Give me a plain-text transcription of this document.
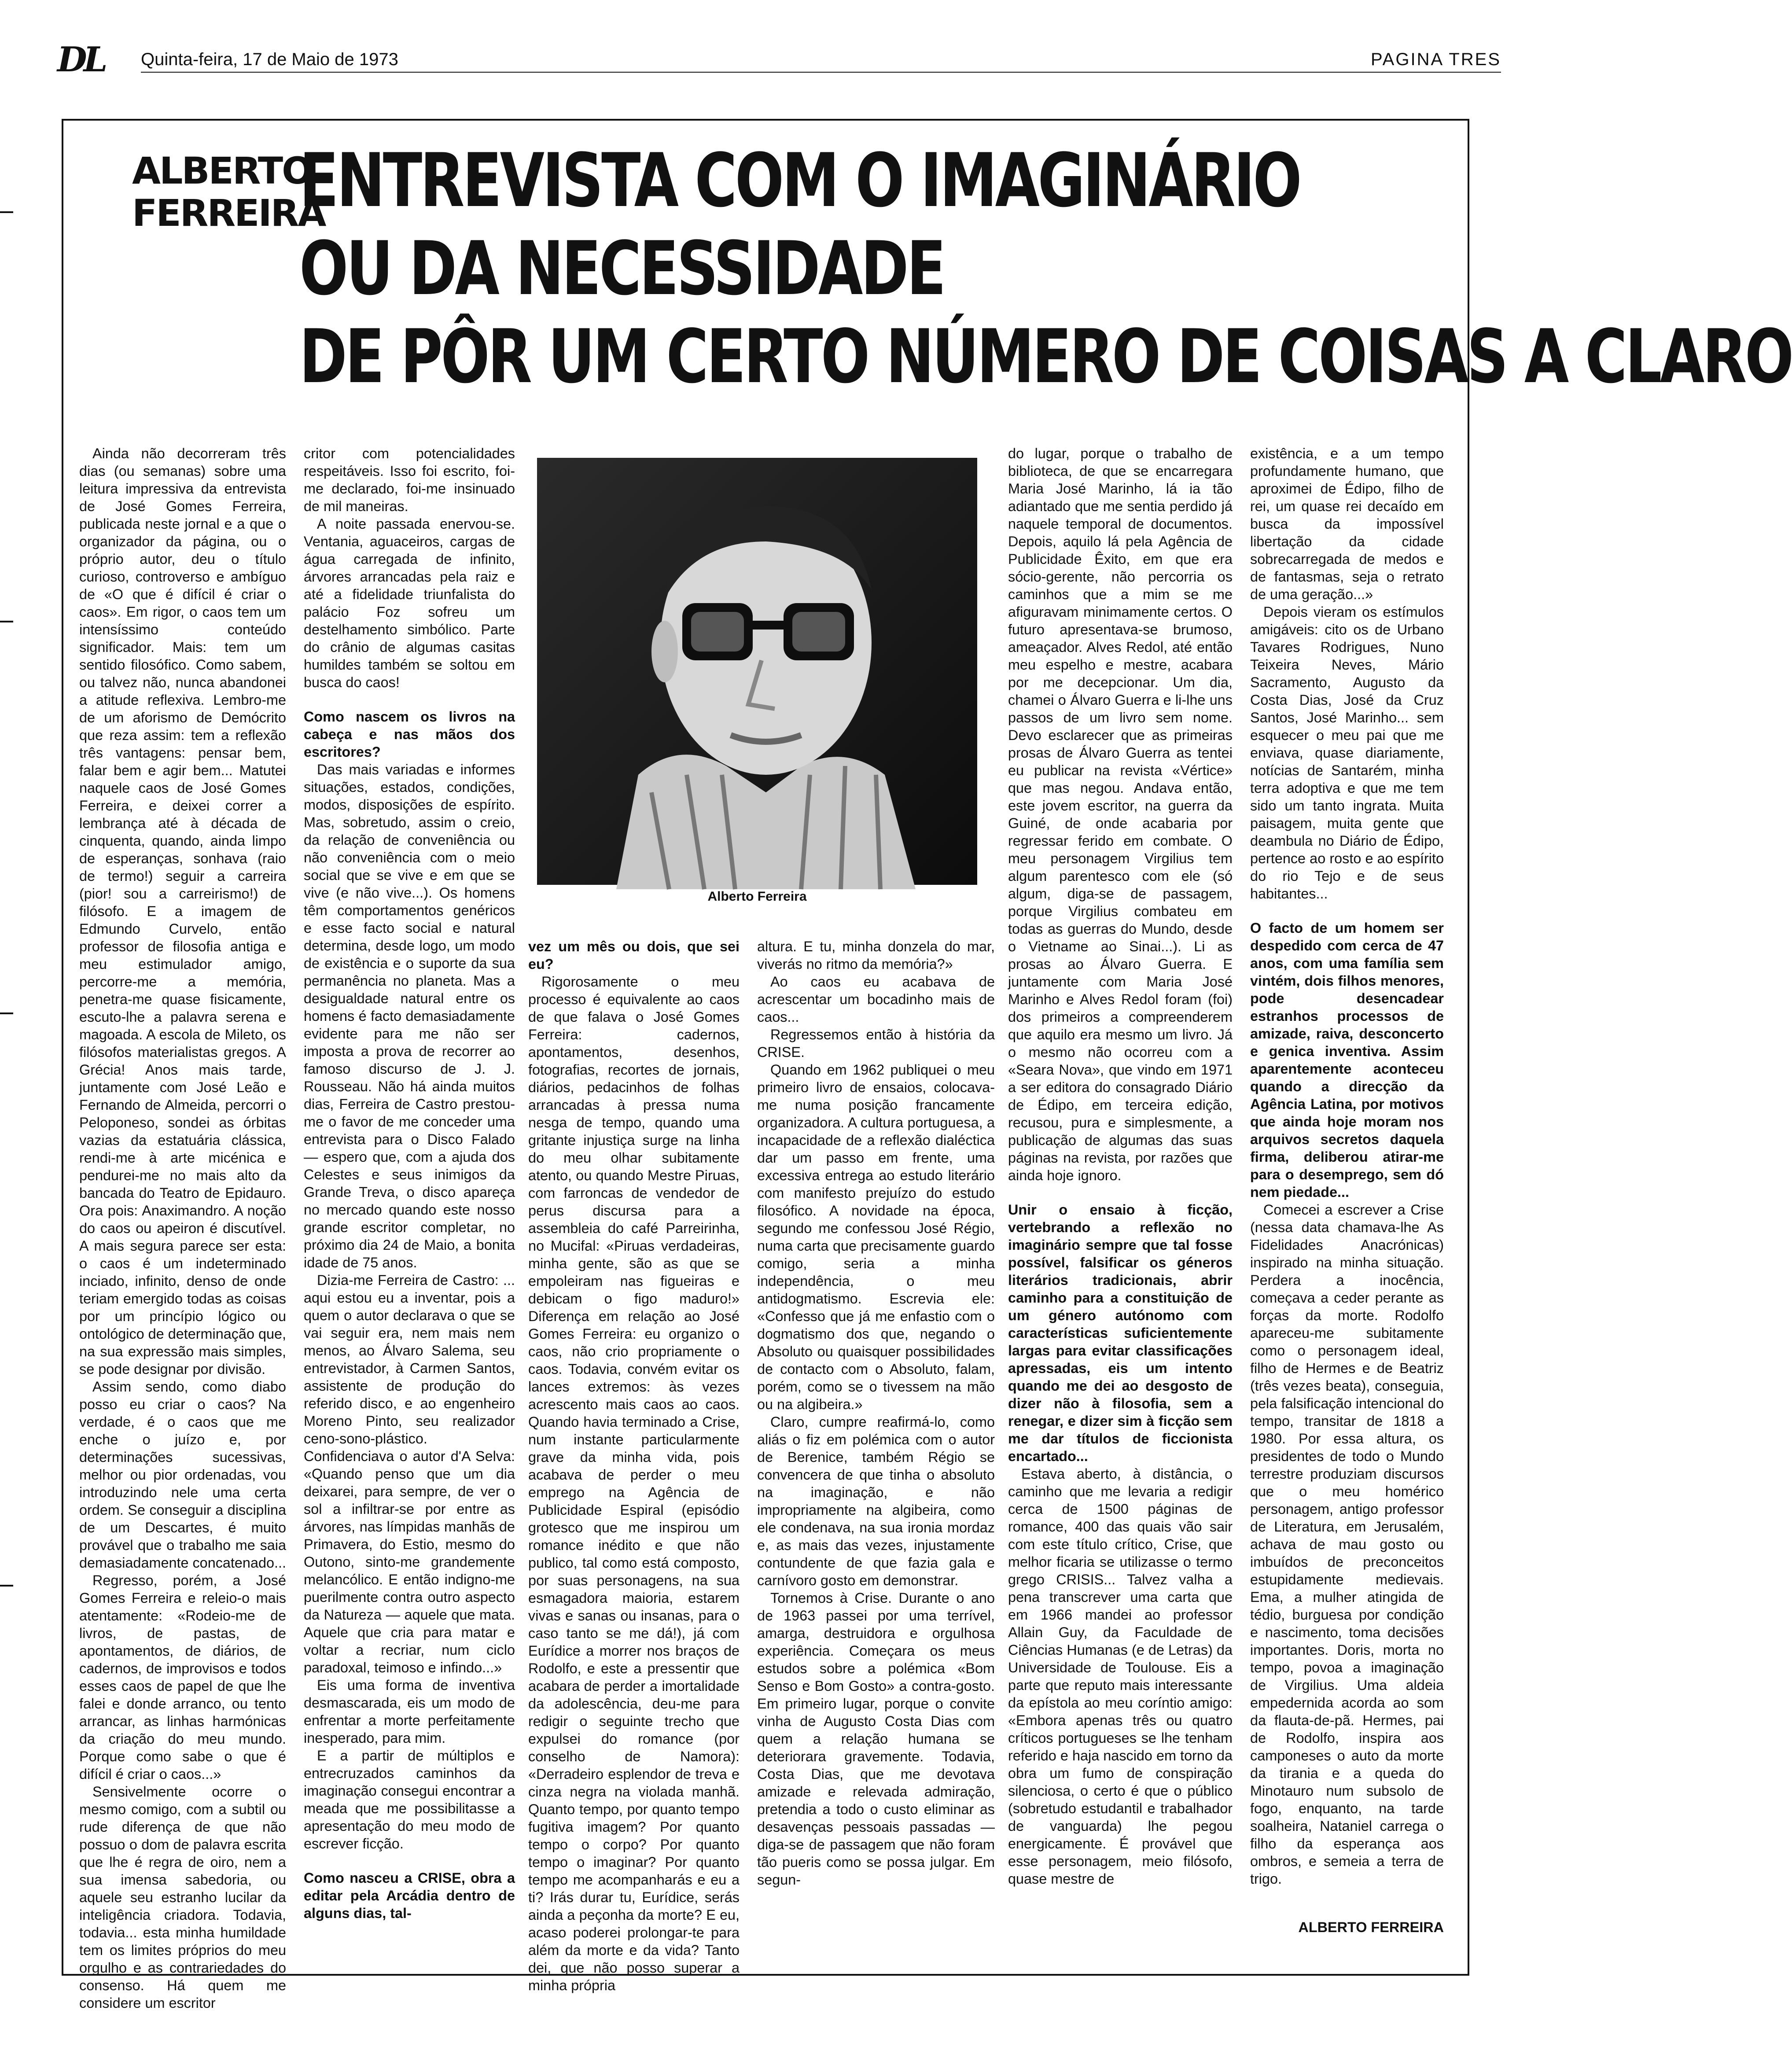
DL Quinta-feira, 17 de Maio de 1973	PAGINA TRES
ALBERTO
FERREIRA
ENTREVISTA COM O IMAGINÁRIO
OU DA NECESSIDADE
DE PÔR UM CERTO NÚMERO DE COISAS A CLARO
Alberto Ferreira

Ainda não decorreram três dias (ou semanas) sobre uma leitura impressiva da entrevista de José Gomes Ferreira, publicada neste jornal e a que o organizador da página, ou o próprio autor, deu o título curioso, controverso e ambíguo de «O que é difícil é criar o caos». Em rigor, o caos tem um intensíssimo conteúdo significador. Mais: tem um sentido filosófico. Como sabem, ou talvez não, nunca abandonei a atitude reflexiva. Lembro-me de um aforismo de Demócrito que reza assim: tem a reflexão três vantagens: pensar bem, falar bem e agir bem... Matutei naquele caos de José Gomes Ferreira, e deixei correr a lembrança até à década de cinquenta, quando, ainda limpo de esperanças, sonhava (raio de termo!) seguir a carreira (pior! sou a carreirismo!) de filósofo. E a imagem de Edmundo Curvelo, então professor de filosofia antiga e meu estimulador amigo, percorre-me a memória, penetra-me quase fisicamente, escuto-lhe a palavra serena e magoada. A escola de Mileto, os filósofos materialistas gregos. A Grécia! Anos mais tarde, juntamente com José Leão e Fernando de Almeida, percorri o Peloponeso, sondei as órbitas vazias da estatuária clássica, rendi-me à arte micénica e pendurei-me no mais alto da bancada do Teatro de Epidauro. Ora pois: Anaximandro. A noção do caos ou apeiron é discutível. A mais segura parece ser esta: o caos é um indeterminado inciado, infinito, denso de onde teriam emergido todas as coisas por um princípio lógico ou ontológico de determinação que, na sua expressão mais simples, se pode designar por divisão.

Assim sendo, como diabo posso eu criar o caos? Na verdade, é o caos que me enche o juízo e, por determinações sucessivas, melhor ou pior ordenadas, vou introduzindo nele uma certa ordem. Se conseguir a disciplina de um Descartes, é muito provável que o trabalho me saia demasiadamente concatenado...

Regresso, porém, a José Gomes Ferreira e releio-o mais atentamente: «Rodeio-me de livros, de pastas, de apontamentos, de diários, de cadernos, de improvisos e todos esses caos de papel de que lhe falei e donde arranco, ou tento arrancar, as linhas harmónicas da criação do meu mundo. Porque como sabe o que é difícil é criar o caos...»

Sensivelmente ocorre o mesmo comigo, com a subtil ou rude diferença de que não possuo o dom de palavra escrita que lhe é regra de oiro, nem a sua imensa sabedoria, ou aquele seu estranho lucilar da inteligência criadora. Todavia, todavia... esta minha humildade tem os limites próprios do meu orgulho e as contrariedades do consenso. Há quem me considere um escritor

critor com potencialidades respeitáveis. Isso foi escrito, foi-me declarado, foi-me insinuado de mil maneiras.

A noite passada enervou-se. Ventania, aguaceiros, cargas de água carregada de infinito, árvores arrancadas pela raiz e até a fidelidade triunfalista do palácio Foz sofreu um destelhamento simbólico. Parte do crânio de algumas casitas humildes também se soltou em busca do caos!

Como nascem os livros na cabeça e nas mãos dos escritores?

Das mais variadas e informes situações, estados, condições, modos, disposições de espírito. Mas, sobretudo, assim o creio, da relação de conveniência ou não conveniência com o meio social que se vive e em que se vive (e não vive...). Os homens têm comportamentos genéricos e esse facto social e natural determina, desde logo, um modo de existência e o suporte da sua permanência no planeta. Mas a desigualdade natural entre os homens é facto demasiadamente evidente para me não ser imposta a prova de recorrer ao famoso discurso de J. J. Rousseau. Não há ainda muitos dias, Ferreira de Castro prestou-me o favor de me conceder uma entrevista para o Disco Falado — espero que, com a ajuda dos Celestes e seus inimigos da Grande Treva, o disco apareça no mercado quando este nosso grande escritor completar, no próximo dia 24 de Maio, a bonita idade de 75 anos.

Dizia-me Ferreira de Castro: ... aqui estou eu a inventar, pois a quem o autor declarava o que se vai seguir era, nem mais nem menos, ao Álvaro Salema, seu entrevistador, à Carmen Santos, assistente de produção do referido disco, e ao engenheiro Moreno Pinto, seu realizador ceno-sono-plástico. Confidenciava o autor d'A Selva: «Quando penso que um dia deixarei, para sempre, de ver o sol a infiltrar-se por entre as árvores, nas límpidas manhãs de Primavera, do Estio, mesmo do Outono, sinto-me grandemente melancólico. E então indigno-me puerilmente contra outro aspecto da Natureza — aquele que mata. Aquele que cria para matar e voltar a recriar, num ciclo paradoxal, teimoso e infindo...»

Eis uma forma de inventiva desmascarada, eis um modo de enfrentar a morte perfeitamente inesperado, para mim.

E a partir de múltiplos e entrecruzados caminhos da imaginação consegui encontrar a meada que me possibilitasse a apresentação do meu modo de escrever ficção.

Como nasceu a CRISE, obra a editar pela Arcádia dentro de alguns dias, tal-

vez um mês ou dois, que sei eu?

Rigorosamente o meu processo é equivalente ao caos de que falava o José Gomes Ferreira: cadernos, apontamentos, desenhos, fotografias, recortes de jornais, diários, pedacinhos de folhas arrancadas à pressa numa nesga de tempo, quando uma gritante injustiça surge na linha do meu olhar subitamente atento, ou quando Mestre Piruas, com farroncas de vendedor de perus discursa para a assembleia do café Parreirinha, no Mucifal: «Piruas verdadeiras, minha gente, são as que se empoleiram nas figueiras e debicam o figo maduro!» Diferença em relação ao José Gomes Ferreira: eu organizo o caos, não crio propriamente o caos. Todavia, convém evitar os lances extremos: às vezes acrescento mais caos ao caos. Quando havia terminado a Crise, num instante particularmente grave da minha vida, pois acabava de perder o meu emprego na Agência de Publicidade Espiral (episódio grotesco que me inspirou um romance inédito e que não publico, tal como está composto, por suas personagens, na sua esmagadora maioria, estarem vivas e sanas ou insanas, para o caso tanto se me dá!), já com Eurídice a morrer nos braços de Rodolfo, e este a pressentir que acabara de perder a imortalidade da adolescência, deu-me para redigir o seguinte trecho que expulsei do romance (por conselho de Namora): «Derradeiro esplendor de treva e cinza negra na violada manhã. Quanto tempo, por quanto tempo fugitiva imagem? Por quanto tempo o corpo? Por quanto tempo o imaginar? Por quanto tempo me acompanharás e eu a ti? Irás durar tu, Eurídice, serás ainda a peçonha da morte? E eu, acaso poderei prolongar-te para além da morte e da vida? Tanto dei, que não posso superar a minha própria

altura. E tu, minha donzela do mar, viverás no ritmo da memória?»

Ao caos eu acabava de acrescentar um bocadinho mais de caos...

Regressemos então à história da CRISE.

Quando em 1962 publiquei o meu primeiro livro de ensaios, colocava-me numa posição francamente organizadora. A cultura portuguesa, a incapacidade de a reflexão dialéctica dar um passo em frente, uma excessiva entrega ao estudo literário com manifesto prejuízo do estudo filosófico. A novidade na época, segundo me confessou José Régio, numa carta que precisamente guardo comigo, seria a minha independência, o meu antidogmatismo. Escrevia ele: «Confesso que já me enfastio com o dogmatismo dos que, negando o Absoluto ou quaisquer possibilidades de contacto com o Absoluto, falam, porém, como se o tivessem na mão ou na algibeira.»

Claro, cumpre reafirmá-lo, como aliás o fiz em polémica com o autor de Berenice, também Régio se convencera de que tinha o absoluto na imaginação, e não impropriamente na algibeira, como ele condenava, na sua ironia mordaz e, as mais das vezes, injustamente contundente de que fazia gala e carnívoro gosto em demonstrar.

Tornemos à Crise. Durante o ano de 1963 passei por uma terrível, amarga, destruidora e orgulhosa experiência. Começara os meus estudos sobre a polémica «Bom Senso e Bom Gosto» a contra-gosto. Em primeiro lugar, porque o convite vinha de Augusto Costa Dias com quem a relação humana se deteriorara gravemente. Todavia, Costa Dias, que me devotava amizade e relevada admiração, pretendia a todo o custo eliminar as desavenças pessoais passadas — diga-se de passagem que não foram tão pueris como se possa julgar. Em segun-

do lugar, porque o trabalho de biblioteca, de que se encarregara Maria José Marinho, lá ia tão adiantado que me sentia perdido já naquele temporal de documentos. Depois, aquilo lá pela Agência de Publicidade Êxito, em que era sócio-gerente, não percorria os caminhos que a mim se me afiguravam minimamente certos. O futuro apresentava-se brumoso, ameaçador. Alves Redol, até então meu espelho e mestre, acabara por me decepcionar. Um dia, chamei o Álvaro Guerra e li-lhe uns passos de um livro sem nome. Devo esclarecer que as primeiras prosas de Álvaro Guerra as tentei eu publicar na revista «Vértice» que mas negou. Andava então, este jovem escritor, na guerra da Guiné, de onde acabaria por regressar ferido em combate. O meu personagem Virgilius tem algum parentesco com ele (só algum, diga-se de passagem, porque Virgilius combateu em todas as guerras do Mundo, desde o Vietname ao Sinai...). Li as prosas ao Álvaro Guerra. E juntamente com Maria José Marinho e Alves Redol foram (foi) dos primeiros a compreenderem que aquilo era mesmo um livro. Já o mesmo não ocorreu com a «Seara Nova», que vindo em 1971 a ser editora do consagrado Diário de Édipo, em terceira edição, recusou, pura e simplesmente, a publicação de algumas das suas páginas na revista, por razões que ainda hoje ignoro.

Unir o ensaio à ficção, vertebrando a reflexão no imaginário sempre que tal fosse possível, falsificar os géneros literários tradicionais, abrir caminho para a constituição de um género autónomo com características suficientemente largas para evitar classificações apressadas, eis um intento quando me dei ao desgosto de dizer não à filosofia, sem a renegar, e dizer sim à ficção sem me dar títulos de ficcionista encartado...

Estava aberto, à distância, o caminho que me levaria a redigir cerca de 1500 páginas de romance, 400 das quais vão sair com este título crítico, Crise, que melhor ficaria se utilizasse o termo grego CRISIS... Talvez valha a pena transcrever uma carta que em 1966 mandei ao professor Allain Guy, da Faculdade de Ciências Humanas (e de Letras) da Universidade de Toulouse. Eis a parte que reputo mais interessante da epístola ao meu coríntio amigo: «Embora apenas três ou quatro críticos portugueses se lhe tenham referido e haja nascido em torno da obra um fumo de conspiração silenciosa, o certo é que o público (sobretudo estudantil e trabalhador de vanguarda) lhe pegou energicamente. É provável que esse personagem, meio filósofo, quase mestre de

existência, e a um tempo profundamente humano, que aproximei de Édipo, filho de rei, um quase rei decaído em busca da impossível libertação da cidade sobrecarregada de medos e de fantasmas, seja o retrato de uma geração...»

Depois vieram os estímulos amigáveis: cito os de Urbano Tavares Rodrigues, Nuno Teixeira Neves, Mário Sacramento, Augusto da Costa Dias, José da Cruz Santos, José Marinho... sem esquecer o meu pai que me enviava, quase diariamente, notícias de Santarém, minha terra adoptiva e que me tem sido um tanto ingrata. Muita paisagem, muita gente que deambula no Diário de Édipo, pertence ao rosto e ao espírito do rio Tejo e de seus habitantes...

O facto de um homem ser despedido com cerca de 47 anos, com uma família sem vintém, dois filhos menores, pode desencadear estranhos processos de amizade, raiva, desconcerto e genica inventiva. Assim aparentemente aconteceu quando a direcção da Agência Latina, por motivos que ainda hoje moram nos arquivos secretos daquela firma, deliberou atirar-me para o desemprego, sem dó nem piedade...

Comecei a escrever a Crise (nessa data chamava-lhe As Fidelidades Anacrónicas) inspirado na minha situação. Perdera a inocência, começava a ceder perante as forças da morte. Rodolfo apareceu-me subitamente como o personagem ideal, filho de Hermes e de Beatriz (três vezes beata), conseguia, pela falsificação intencional do tempo, transitar de 1818 a 1980. Por essa altura, os presidentes de todo o Mundo terrestre produziam discursos que o meu homérico personagem, antigo professor de Literatura, em Jerusalém, achava de mau gosto ou imbuídos de preconceitos estupidamente medievais. Ema, a mulher atingida de tédio, burguesa por condição e nascimento, toma decisões importantes. Doris, morta no tempo, povoa a imaginação de Virgilius. Uma aldeia empedernida acorda ao som da flauta-de-pã. Hermes, pai de Rodolfo, inspira aos camponeses o auto da morte da tirania e a queda do Minotauro num subsolo de fogo, enquanto, na tarde soalheira, Nataniel carrega o filho da esperança aos ombros, e semeia a terra de trigo.

ALBERTO FERREIRA
